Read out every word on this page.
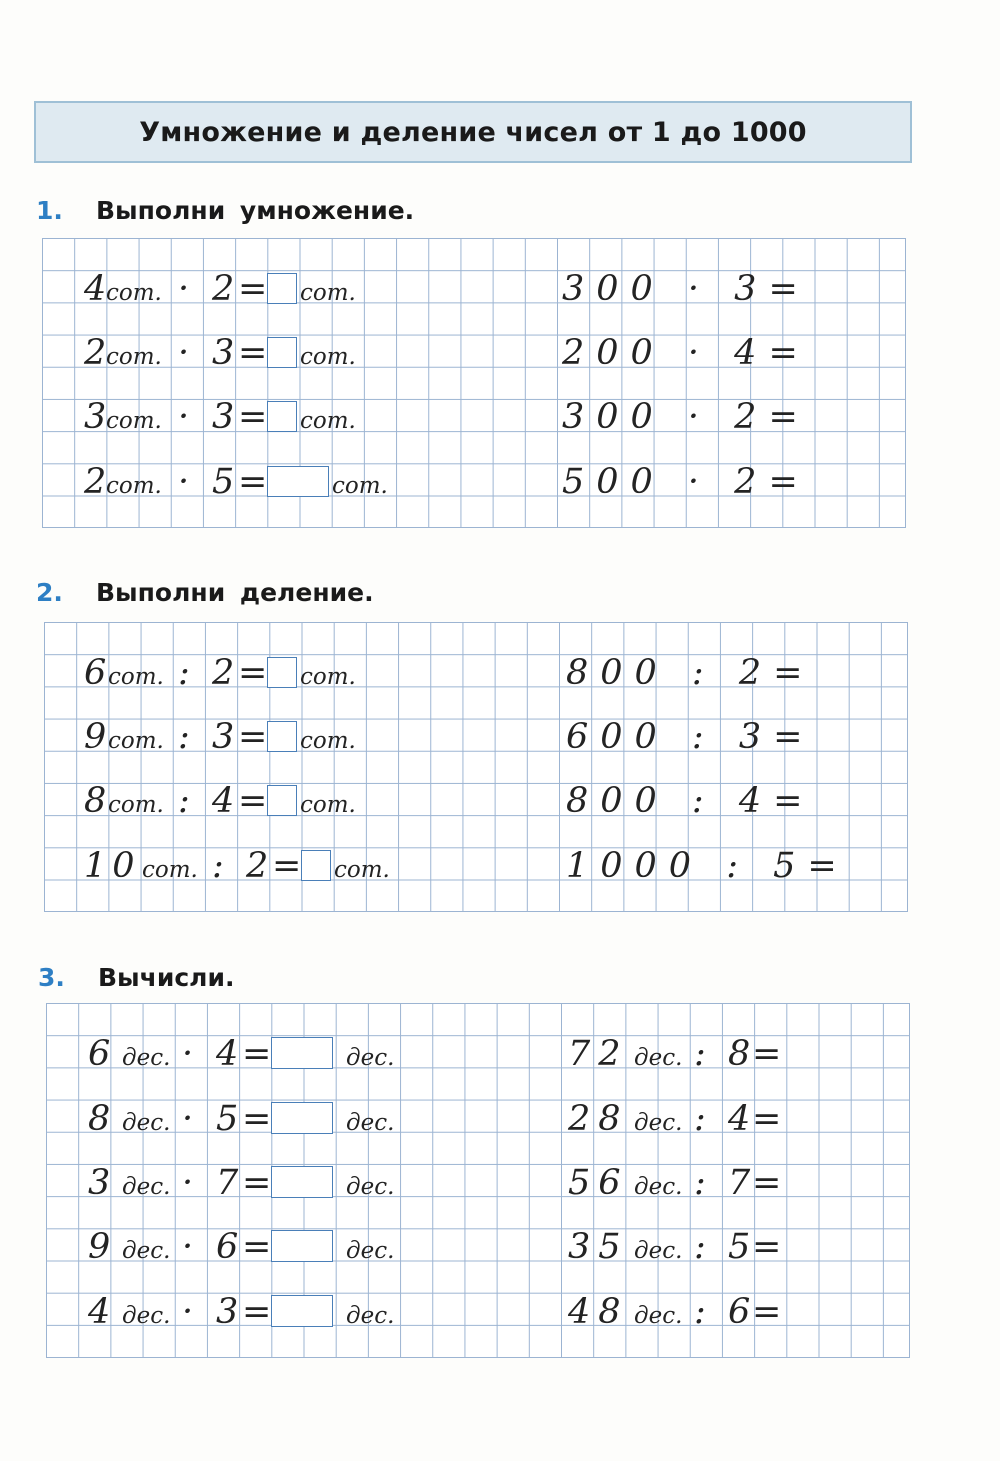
Умножение и деление чисел от 1 до 1000
1.	Выполни умножение.
4 сот. · 2 = сот.
2 сот. · 3 = сот.
3 сот. · 3 = сот.
2 сот. · 5 =	сот.
300 · 3=
200 · 4=
300 · 2=
500 · 2=
2.	Выполни деление.
6 сот. : 2 = сот.
9 сот. : 3 = сот.
8 сот. : 4 = сот.
10 сот. : 2 = сот.
800 : 2=
600 : 3=
800 : 4=
1000 : 5=
3.	Вычисли.
6 дес. · 4 =	дес.
8 дес. · 5 =	дес.
3 дес. · 7 =	дес.
9 дес. · 6 =	дес.
4 дес. · 3 =	дес.
72 дес. : 8 =
28 дес. : 4 =
56 дес. : 7 =
35 дес. : 5 =
48 дес. : 6 =
